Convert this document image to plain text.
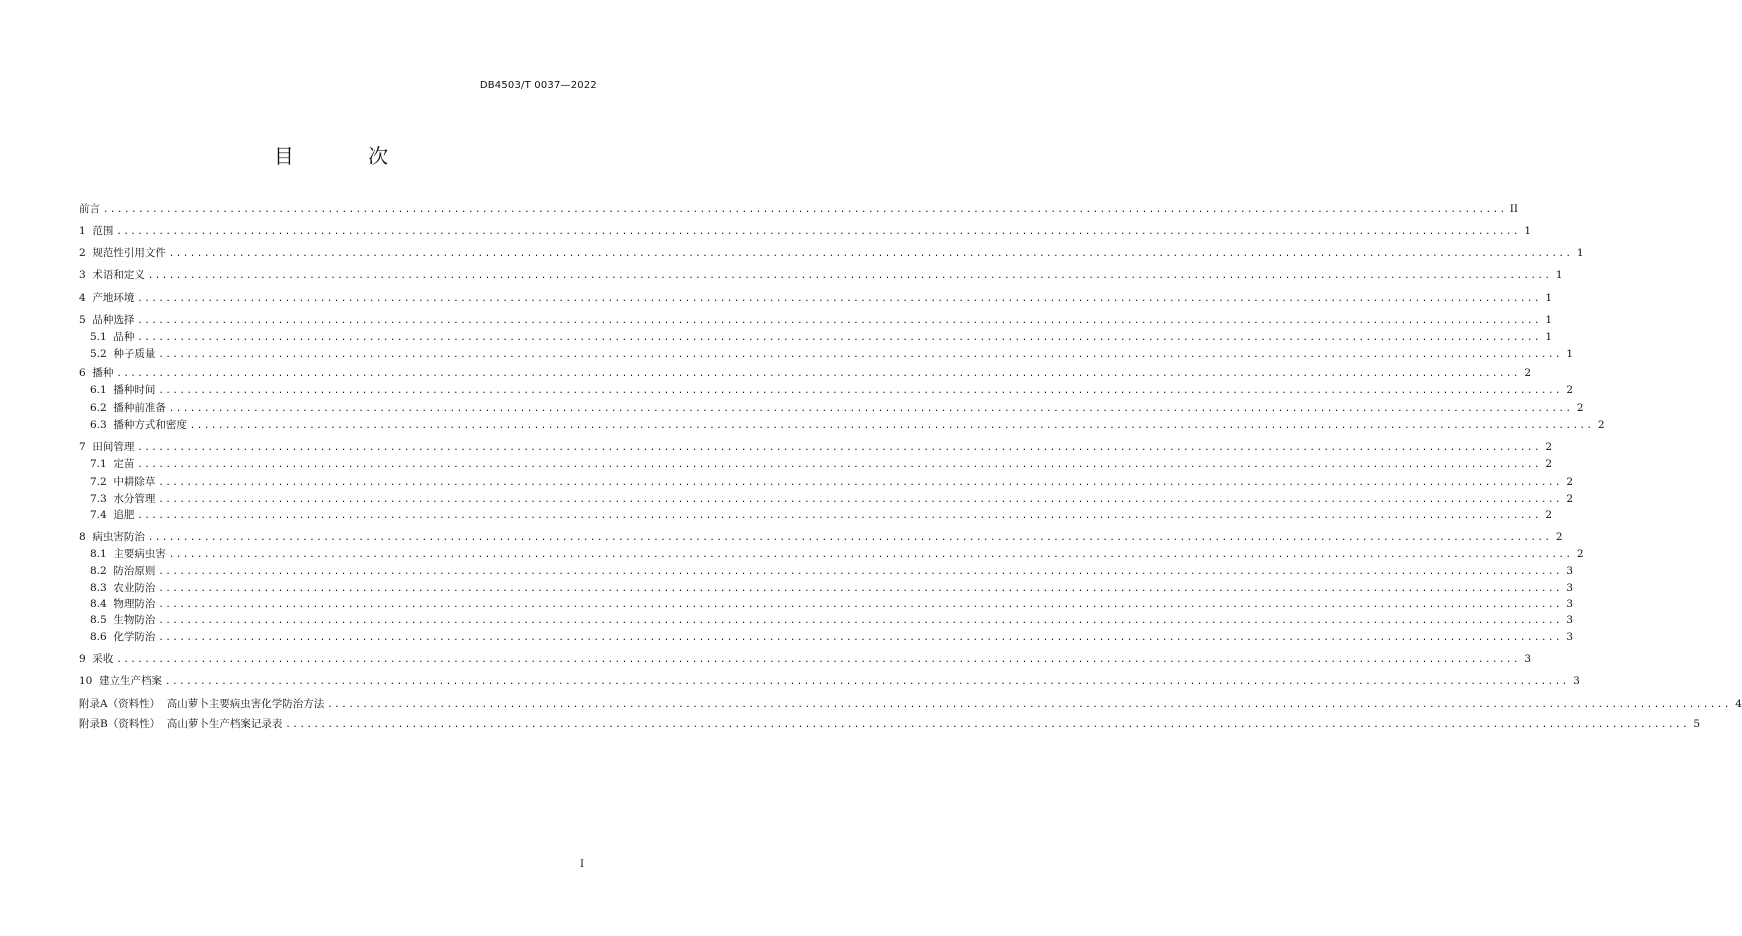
DB4503/T 0037—2022
目 次
前言 ........................................................................................................................................................................................................ II
1 范围 ........................................................................................................................................................................................................ 1
2 规范性引用文件 ........................................................................................................................................................................................................ 1
3 术语和定义 ........................................................................................................................................................................................................ 1
4 产地环境 ........................................................................................................................................................................................................ 1
5 品种选择 ........................................................................................................................................................................................................ 1
5.1 品种 ........................................................................................................................................................................................................ 1
5.2 种子质量 ........................................................................................................................................................................................................ 1
6 播种 ........................................................................................................................................................................................................ 2
6.1 播种时间 ........................................................................................................................................................................................................ 2
6.2 播种前准备 ........................................................................................................................................................................................................ 2
6.3 播种方式和密度 ........................................................................................................................................................................................................ 2
7 田间管理 ........................................................................................................................................................................................................ 2
7.1 定苗 ........................................................................................................................................................................................................ 2
7.2 中耕除草 ........................................................................................................................................................................................................ 2
7.3 水分管理 ........................................................................................................................................................................................................ 2
7.4 追肥 ........................................................................................................................................................................................................ 2
8 病虫害防治 ........................................................................................................................................................................................................ 2
8.1 主要病虫害 ........................................................................................................................................................................................................ 2
8.2 防治原则 ........................................................................................................................................................................................................ 3
8.3 农业防治 ........................................................................................................................................................................................................ 3
8.4 物理防治 ........................................................................................................................................................................................................ 3
8.5 生物防治 ........................................................................................................................................................................................................ 3
8.6 化学防治 ........................................................................................................................................................................................................ 3
9 采收 ........................................................................................................................................................................................................ 3
10 建立生产档案 ........................................................................................................................................................................................................ 3
附录A（资料性） 高山萝卜主要病虫害化学防治方法 ........................................................................................................................................................................................................ 4
附录B（资料性） 高山萝卜生产档案记录表 ........................................................................................................................................................................................................ 5
I
